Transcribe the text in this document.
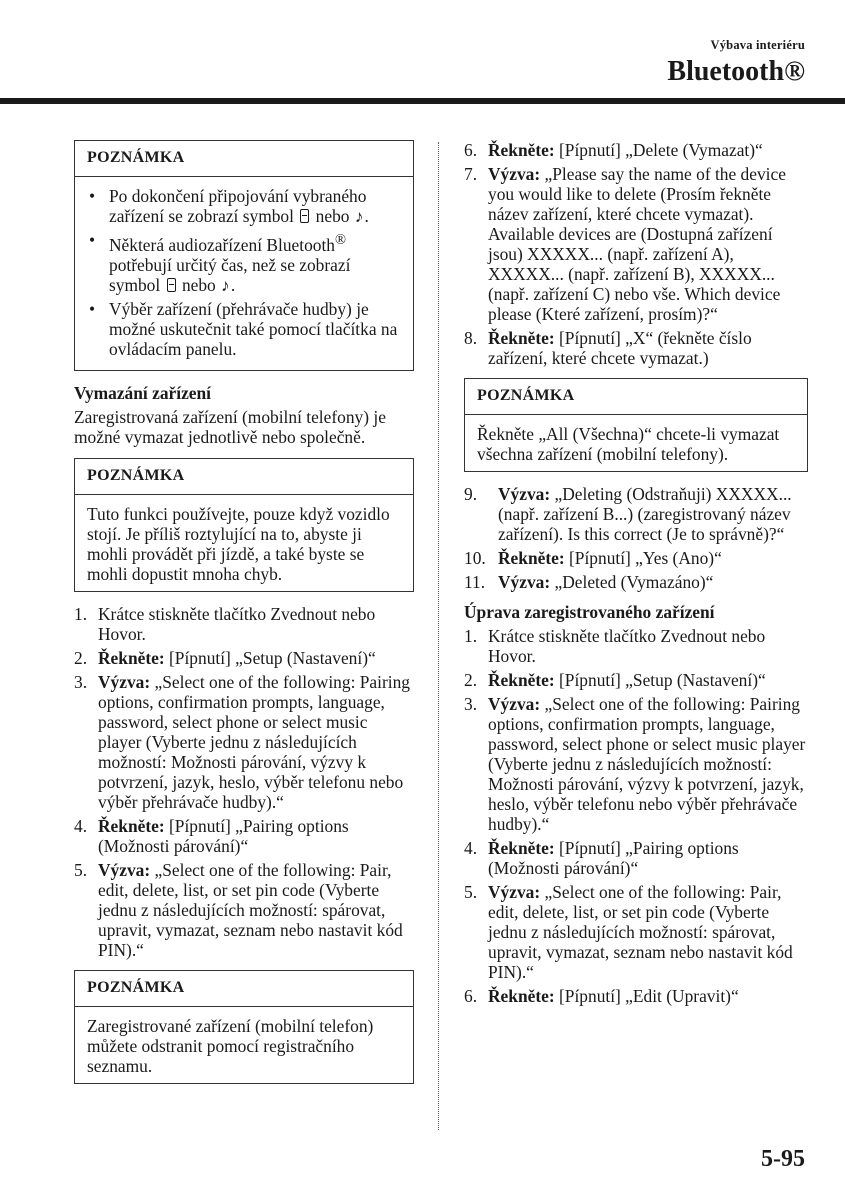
Výbava interiéru
Bluetooth®
POZNÁMKA
• Po dokončení připojování vybraného zařízení se zobrazí symbol nebo ♪.
• Některá audiozařízení Bluetooth® potřebují určitý čas, než se zobrazí symbol nebo ♪.
• Výběr zařízení (přehrávače hudby) je možné uskutečnit také pomocí tlačítka na ovládacím panelu.
Vymazání zařízení

Zaregistrovaná zařízení (mobilní telefony) je možné vymazat jednotlivě nebo společně.

POZNÁMKA

Tuto funkci používejte, pouze když vozidlo stojí. Je příliš roztylující na to, abyste ji mohli provádět při jízdě, a také byste se mohli dopustit mnoha chyb.

1. Krátce stiskněte tlačítko Zvednout nebo Hovor.
2. Řekněte: [Pípnutí] „Setup (Nastavení)“
3. Výzva: „Select one of the following: Pairing options, confirmation prompts, language, password, select phone or select music player (Vyberte jednu z následujících možností: Možnosti párování, výzvy k potvrzení, jazyk, heslo, výběr telefonu nebo výběr přehrávače hudby).“
4. Řekněte: [Pípnutí] „Pairing options (Možnosti párování)“
5. Výzva: „Select one of the following: Pair, edit, delete, list, or set pin code (Vyberte jednu z následujících možností: spárovat, upravit, vymazat, seznam nebo nastavit kód PIN).“
POZNÁMKA

Zaregistrované zařízení (mobilní telefon) můžete odstranit pomocí registračního seznamu.

6. Řekněte: [Pípnutí] „Delete (Vymazat)“
7. Výzva: „Please say the name of the device you would like to delete (Prosím řekněte název zařízení, které chcete vymazat). Available devices are (Dostupná zařízení jsou) XXXXX... (např. zařízení A), XXXXX... (např. zařízení B), XXXXX... (např. zařízení C) nebo vše. Which device please (Které zařízení, prosím)?“
8. Řekněte: [Pípnutí] „X“ (řekněte číslo zařízení, které chcete vymazat.)
POZNÁMKA

Řekněte „All (Všechna)“ chcete-li vymazat všechna zařízení (mobilní telefony).

9. Výzva: „Deleting (Odstraňuji) XXXXX... (např. zařízení B...) (zaregistrovaný název zařízení). Is this correct (Je to správně)?“
10. Řekněte: [Pípnutí] „Yes (Ano)“
11. Výzva: „Deleted (Vymazáno)“
Úprava zaregistrovaného zařízení
1. Krátce stiskněte tlačítko Zvednout nebo Hovor.
2. Řekněte: [Pípnutí] „Setup (Nastavení)“
3. Výzva: „Select one of the following: Pairing options, confirmation prompts, language, password, select phone or select music player (Vyberte jednu z následujících možností: Možnosti párování, výzvy k potvrzení, jazyk, heslo, výběr telefonu nebo výběr přehrávače hudby).“
4. Řekněte: [Pípnutí] „Pairing options (Možnosti párování)“
5. Výzva: „Select one of the following: Pair, edit, delete, list, or set pin code (Vyberte jednu z následujících možností: spárovat, upravit, vymazat, seznam nebo nastavit kód PIN).“
6. Řekněte: [Pípnutí] „Edit (Upravit)“
5-95
